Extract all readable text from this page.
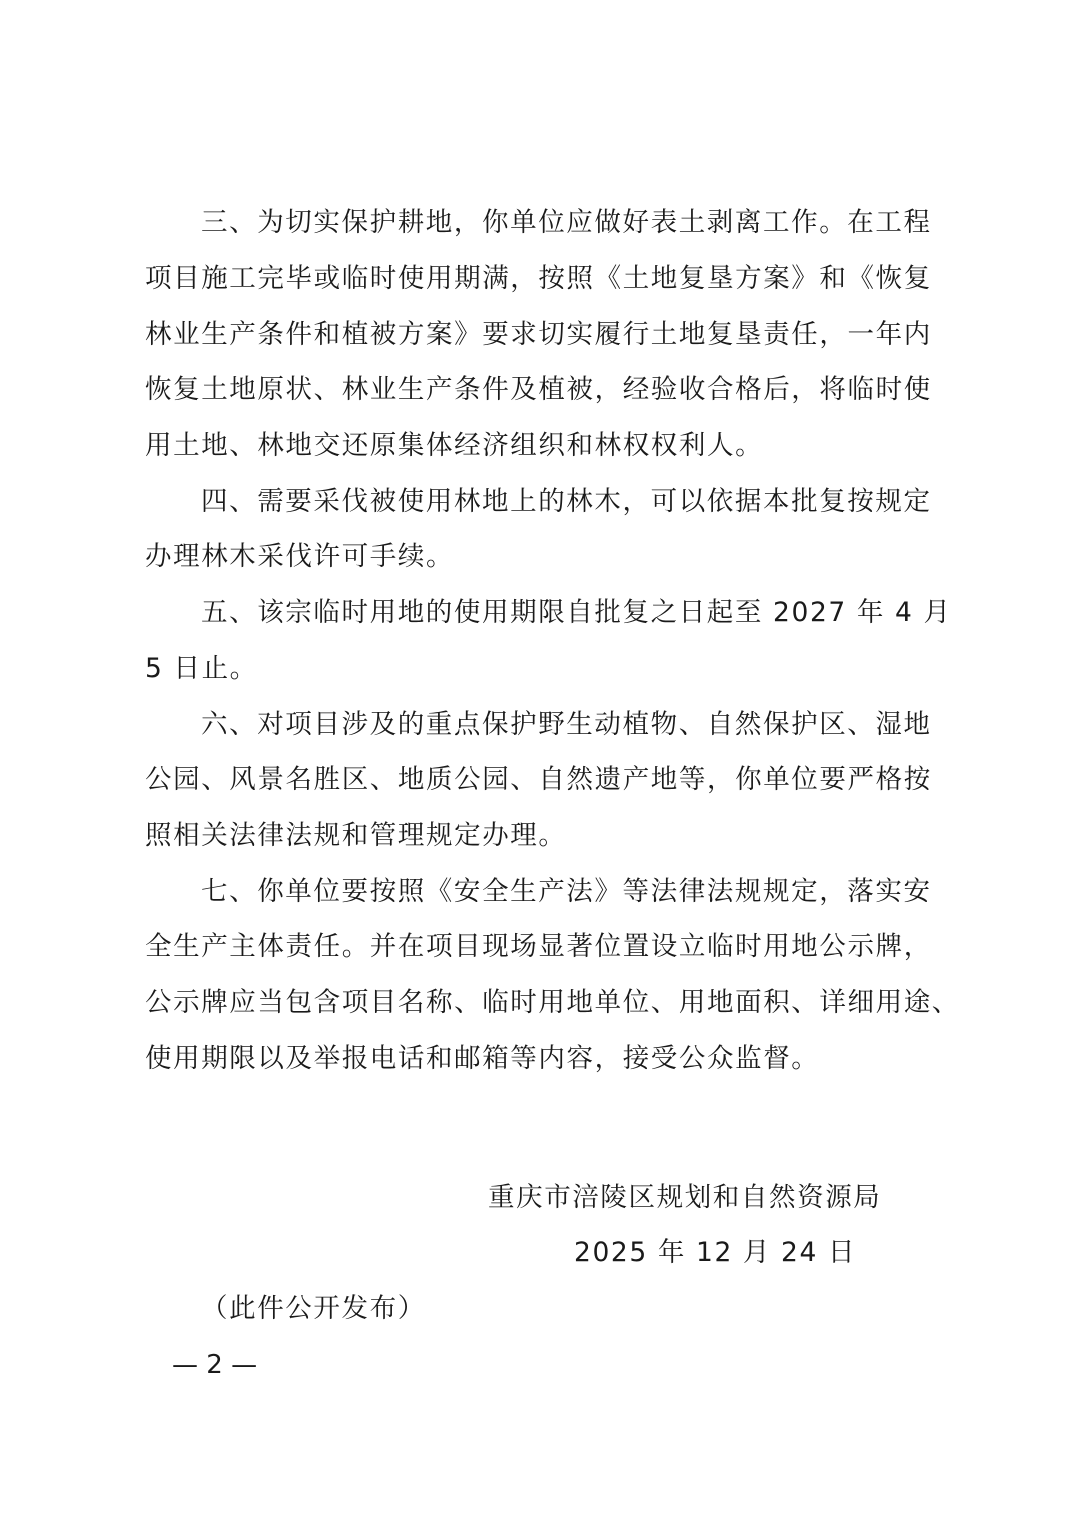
三、为切实保护耕地，你单位应做好表土剥离工作。在工程
项目施工完毕或临时使用期满，按照《土地复垦方案》和《恢复
林业生产条件和植被方案》要求切实履行土地复垦责任，一年内
恢复土地原状、林业生产条件及植被，经验收合格后，将临时使
用土地、林地交还原集体经济组织和林权权利人。
四、需要采伐被使用林地上的林木，可以依据本批复按规定
办理林木采伐许可手续。
五、该宗临时用地的使用期限自批复之日起至 2027 年 4 月
5 日止。
六、对项目涉及的重点保护野生动植物、自然保护区、湿地
公园、风景名胜区、地质公园、自然遗产地等，你单位要严格按
照相关法律法规和管理规定办理。
七、你单位要按照《安全生产法》等法律法规规定，落实安
全生产主体责任。并在项目现场显著位置设立临时用地公示牌，
公示牌应当包含项目名称、临时用地单位、用地面积、详细用途、
使用期限以及举报电话和邮箱等内容，接受公众监督。
重庆市涪陵区规划和自然资源局
2025 年 12 月 24 日
（此件公开发布）
— 2 —
